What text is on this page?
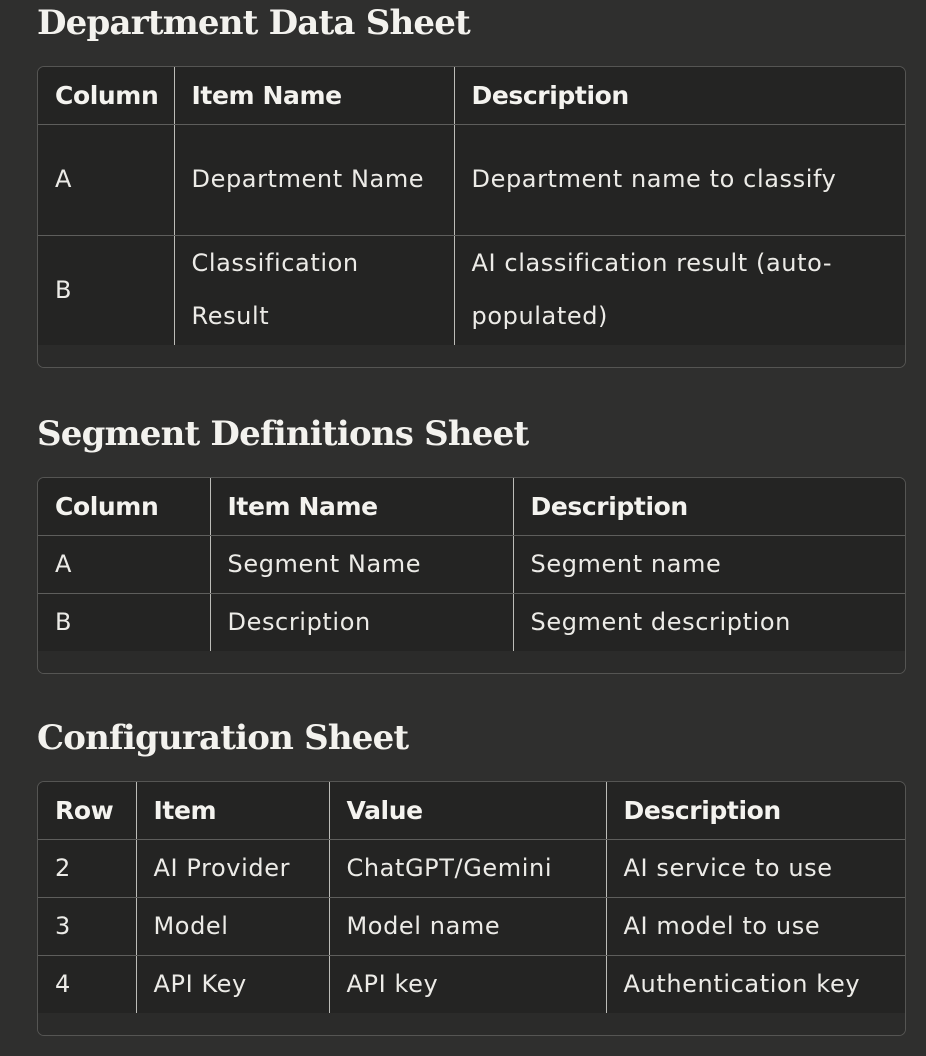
Department Data Sheet
Column	Item Name	Description
A	Department Name	Department name to classify
B	Classification Result	AI classification result (auto-populated)
Segment Definitions Sheet
Column	Item Name	Description
A	Segment Name	Segment name
B	Description	Segment description
Configuration Sheet
Row	Item	Value	Description
2	AI Provider	ChatGPT/Gemini	AI service to use
3	Model	Model name	AI model to use
4	API Key	API key	Authentication key
